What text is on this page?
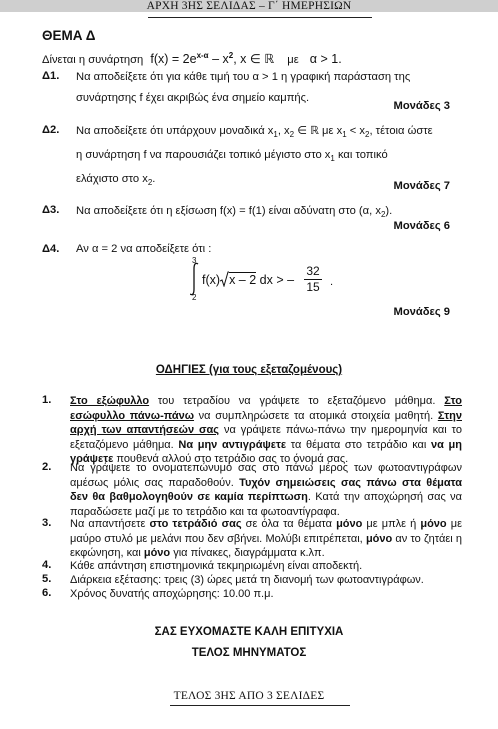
ΑΡΧΗ 3ΗΣ ΣΕΛΙΔΑΣ – Γ΄ ΗΜΕΡΗΣΙΩΝ
ΘΕΜΑ Δ
Δίνεται η συνάρτηση $f(x) = 2e^{x-\alpha} - x^2$, x ∈ ℝ με α > 1.
Δ1. Να αποδείξετε ότι για κάθε τιμή του α > 1 η γραφική παράσταση της
συνάρτησης f έχει ακριβώς ένα σημείο καμπής.
Μονάδες 3
Δ2. Να αποδείξετε ότι υπάρχουν μοναδικά $x_1$, $x_2$ ∈ ℝ με $x_1 < x_2$, τέτοια ώστε
η συνάρτηση f να παρουσιάζει τοπικό μέγιστο στο $x_1$ και τοπικό
ελάχιστο στο $x_2$.
Μονάδες 7
Δ3. Να αποδείξετε ότι η εξίσωση f(x) = f(1) είναι αδύνατη στο (α, $x_2$).
Μονάδες 6
Δ4. Αν α = 2 να αποδείξετε ότι :
3
2
f(x) x – 2 dx > – $\frac{32}{15}$ .
Μονάδες 9
ΟΔΗΓΙΕΣ (για τους εξεταζομένους)
1. Στο εξώφυλλο του τετραδίου να γράψετε το εξεταζόμενο μάθημα. Στο εσώφυλλο πάνω-πάνω να συμπληρώσετε τα ατομικά στοιχεία μαθητή. Στην αρχή των απαντήσεών σας να γράψετε πάνω-πάνω την ημερομηνία και το εξεταζόμενο μάθημα. Να μην αντιγράψετε τα θέματα στο τετράδιο και να μη γράψετε πουθενά αλλού στο τετράδιο σας το όνομά σας.
2. Να γράψετε το ονοματεπώνυμό σας στο πάνω μέρος των φωτοαντιγράφων αμέσως μόλις σας παραδοθούν. Τυχόν σημειώσεις σας πάνω στα θέματα δεν θα βαθμολογηθούν σε καμία περίπτωση. Κατά την αποχώρησή σας να παραδώσετε μαζί με το τετράδιο και τα φωτοαντίγραφα.
3. Να απαντήσετε στο τετράδιό σας σε όλα τα θέματα μόνο με μπλε ή μόνο με μαύρο στυλό με μελάνι που δεν σβήνει. Μολύβι επιτρέπεται, μόνο αν το ζητάει η εκφώνηση, και μόνο για πίνακες, διαγράμματα κ.λπ.
4. Κάθε απάντηση επιστημονικά τεκμηριωμένη είναι αποδεκτή.
5. Διάρκεια εξέτασης: τρεις (3) ώρες μετά τη διανομή των φωτοαντιγράφων.
6. Χρόνος δυνατής αποχώρησης: 10.00 π.μ.
ΣΑΣ ΕΥΧΟΜΑΣΤΕ ΚΑΛΗ ΕΠΙΤΥΧΙΑ
ΤΕΛΟΣ ΜΗΝΥΜΑΤΟΣ
ΤΕΛΟΣ 3ΗΣ ΑΠΟ 3 ΣΕΛΙΔΕΣ
